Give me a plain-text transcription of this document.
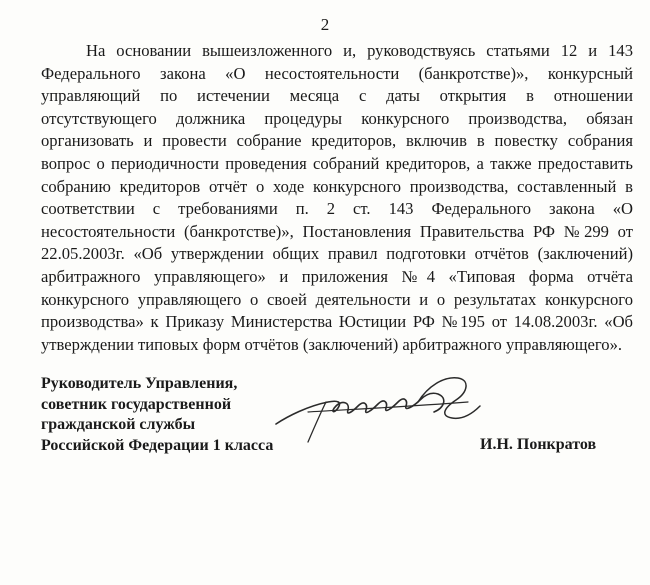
2
На основании вышеизложенного и, руководствуясь статьями 12 и 143
Федерального закона «О несостоятельности (банкротстве)», конкурсный
управляющий по истечении месяца с даты открытия в отношении
отсутствующего должника процедуры конкурсного производства, обязан
организовать и провести собрание кредиторов, включив в повестку собрания
вопрос о периодичности проведения собраний кредиторов, а также предоставить
собранию кредиторов отчёт о ходе конкурсного производства, составленный в
соответствии с требованиями п. 2 ст. 143 Федерального закона «О
несостоятельности (банкротстве)», Постановления Правительства РФ №299 от
22.05.2003г. «Об утверждении общих правил подготовки отчётов (заключений)
арбитражного управляющего» и приложения №4 «Типовая форма отчёта
конкурсного управляющего о своей деятельности и о результатах конкурсного
производства» к Приказу Министерства Юстиции РФ №195 от 14.08.2003г. «Об
утверждении типовых форм отчётов (заключений) арбитражного управляющего».
Руководитель Управления,
советник государственной
гражданской службы
Российской Федерации 1 класса	И.Н. Понкратов
